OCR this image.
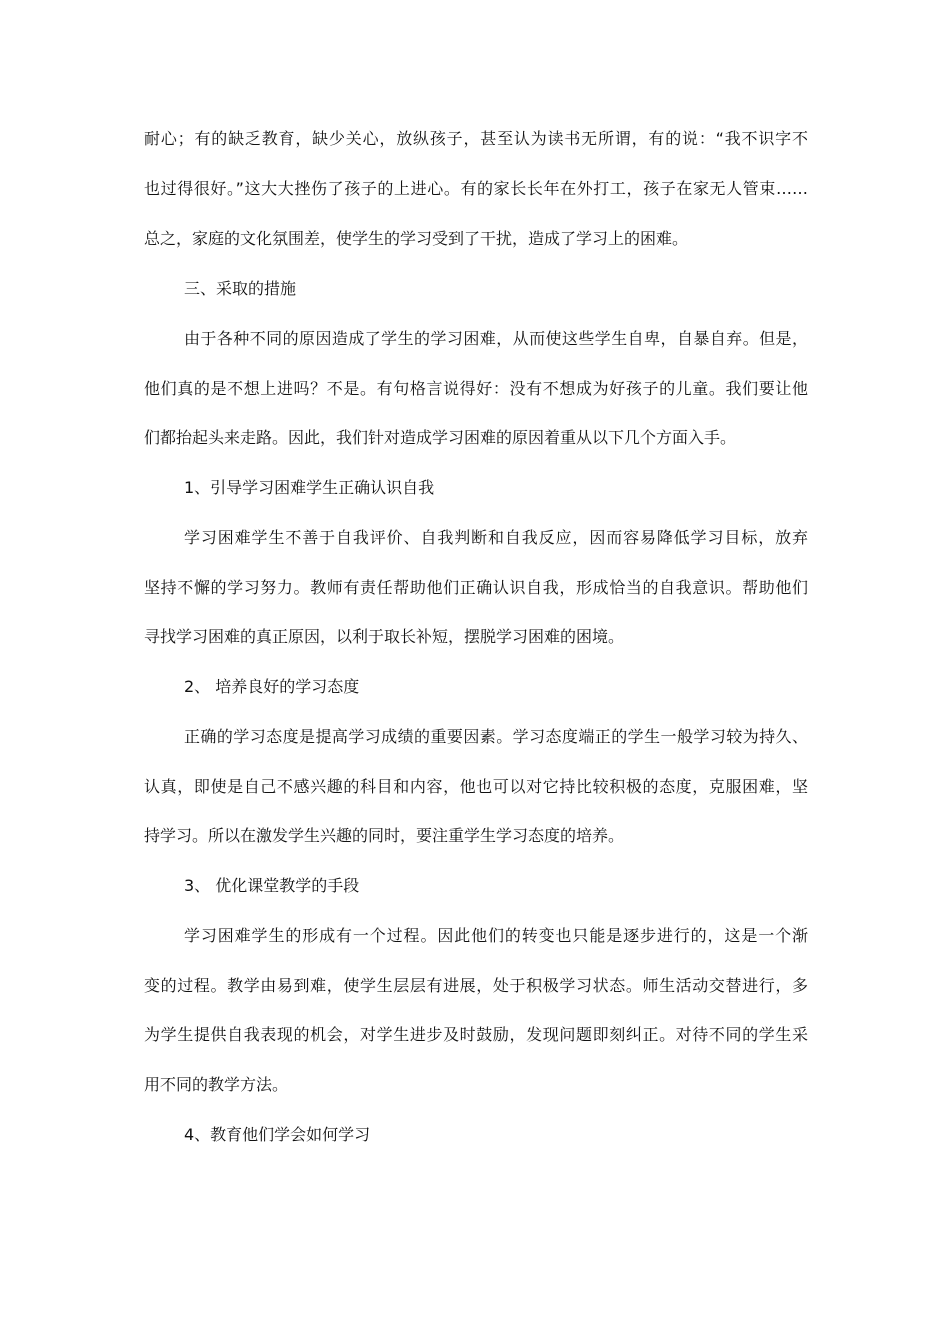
耐心；有的缺乏教育，缺少关心，放纵孩子，甚至认为读书无所谓，有的说：“我不识字不
也过得很好。”这大大挫伤了孩子的上进心。有的家长长年在外打工，孩子在家无人管束……
总之，家庭的文化氛围差，使学生的学习受到了干扰，造成了学习上的困难。
三、采取的措施
由于各种不同的原因造成了学生的学习困难，从而使这些学生自卑，自暴自弃。但是，
他们真的是不想上进吗？不是。有句格言说得好：没有不想成为好孩子的儿童。我们要让他
们都抬起头来走路。因此，我们针对造成学习困难的原因着重从以下几个方面入手。
1、引导学习困难学生正确认识自我
学习困难学生不善于自我评价、自我判断和自我反应，因而容易降低学习目标，放弃
坚持不懈的学习努力。教师有责任帮助他们正确认识自我，形成恰当的自我意识。帮助他们
寻找学习困难的真正原因，以利于取长补短，摆脱学习困难的困境。
2、 培养良好的学习态度
正确的学习态度是提高学习成绩的重要因素。学习态度端正的学生一般学习较为持久、
认真，即使是自己不感兴趣的科目和内容，他也可以对它持比较积极的态度，克服困难，坚
持学习。所以在激发学生兴趣的同时，要注重学生学习态度的培养。
3、 优化课堂教学的手段
学习困难学生的形成有一个过程。因此他们的转变也只能是逐步进行的，这是一个渐
变的过程。教学由易到难，使学生层层有进展，处于积极学习状态。师生活动交替进行，多
为学生提供自我表现的机会，对学生进步及时鼓励，发现问题即刻纠正。对待不同的学生采
用不同的教学方法。
4、教育他们学会如何学习
